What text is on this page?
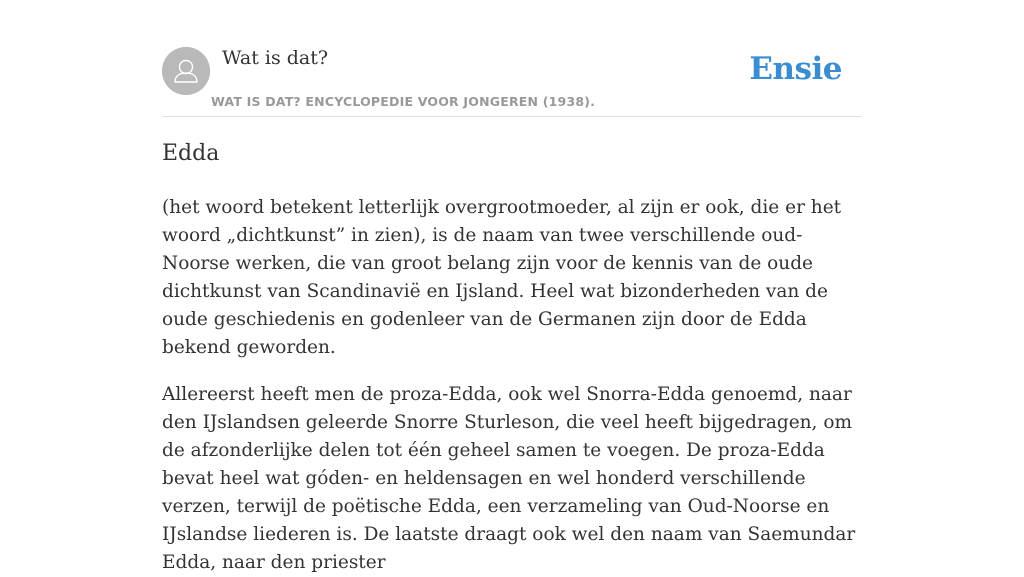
Wat is dat?
WAT IS DAT? ENCYCLOPEDIE VOOR JONGEREN (1938).
Ensie
Edda

(het woord betekent letterlijk overgrootmoeder, al zijn er ook, die er het woord „dichtkunst” in zien), is de naam van twee verschillende oud-Noorse werken, die van groot belang zijn voor de kennis van de oude dichtkunst van Scandinavië en Ijsland. Heel wat bizonderheden van de oude geschiedenis en godenleer van de Germanen zijn door de Edda bekend geworden.

Allereerst heeft men de proza-Edda, ook wel Snorra-Edda genoemd, naar den IJslandsen geleerde Snorre Sturleson, die veel heeft bijgedragen, om de afzonderlijke delen tot één geheel samen te voegen. De proza-Edda bevat heel wat góden- en heldensagen en wel honderd verschillende verzen, terwijl de poëtische Edda, een verzameling van Oud-Noorse en IJslandse liederen is. De laatste draagt ook wel den naam van Saemundar Edda, naar den priester
